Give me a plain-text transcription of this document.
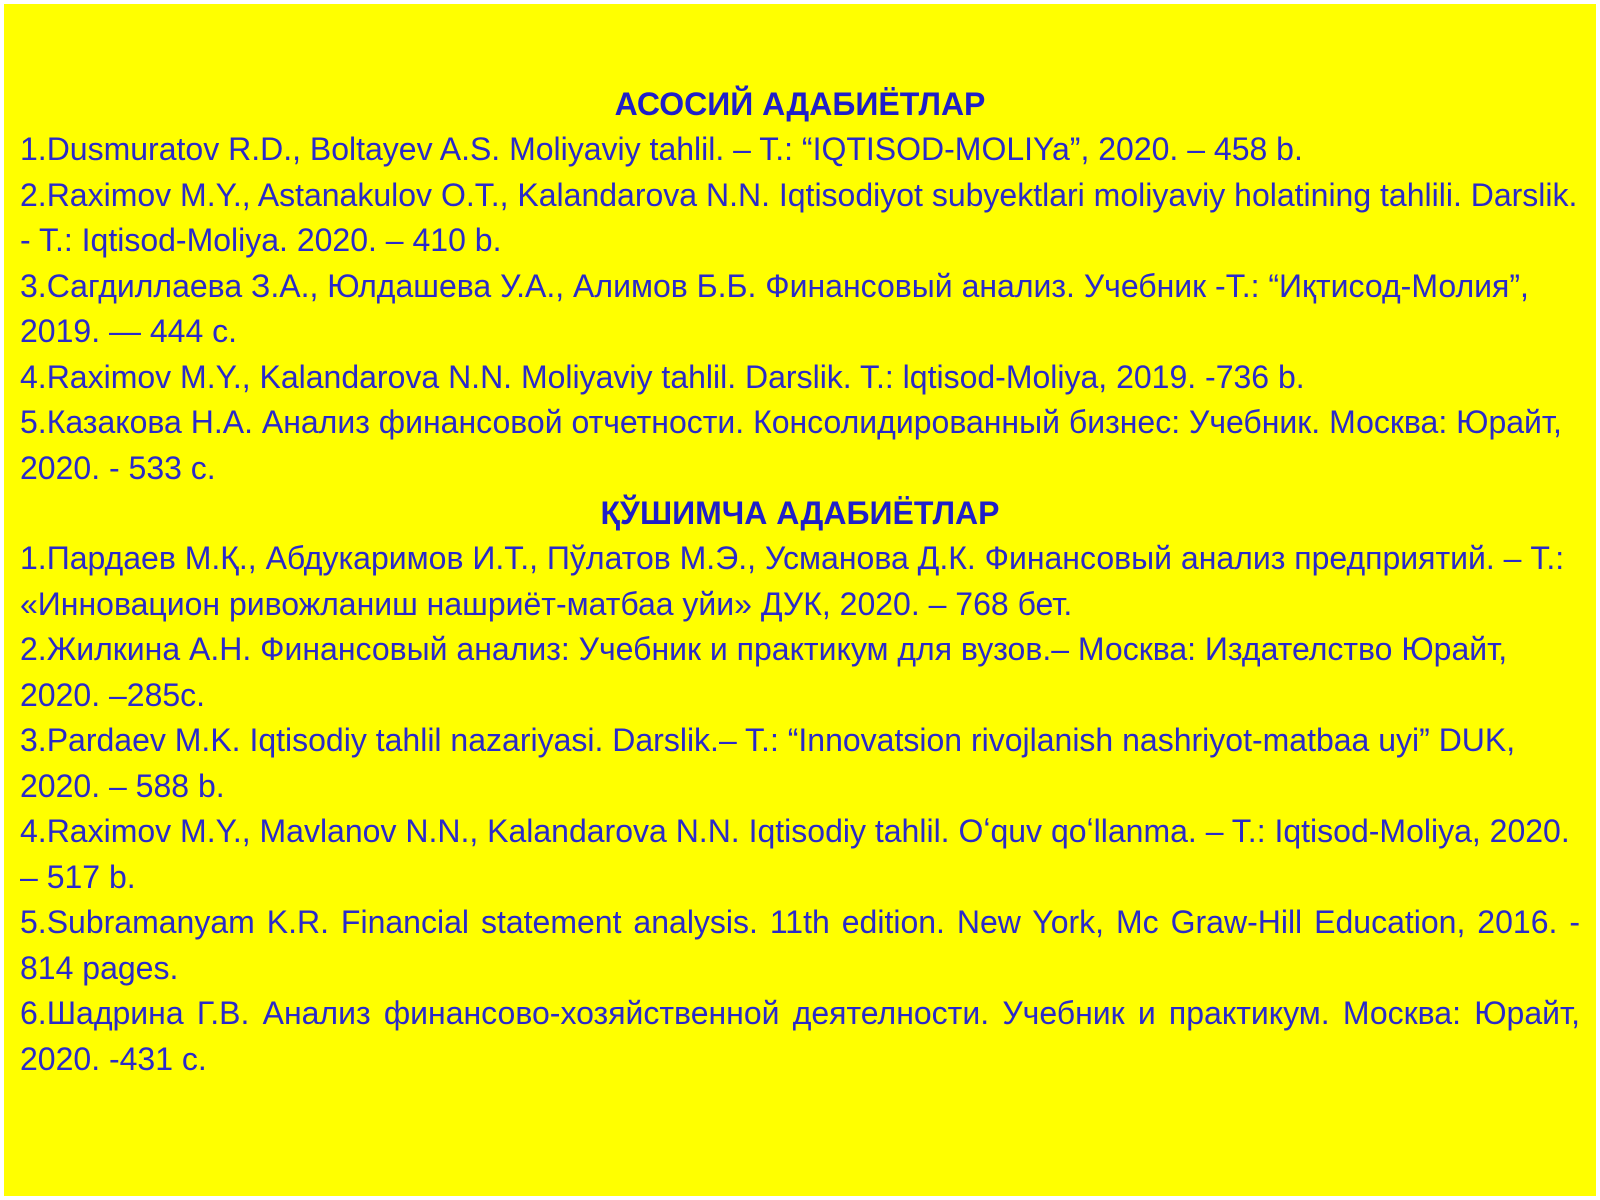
АСОСИЙ АДАБИЁТЛАР

1.Dusmuratov R.D., Boltayev A.S. Moliyaviy tahlil. – T.: “IQTISOD-MOLIYa”, 2020. – 458 b.

2.Raximov M.Y., Astanakulov O.T., Kalandarova N.N. Iqtisodiyot subyektlari moliyaviy holatining tahlili. Darslik. - T.: Iqtisod-Moliya. 2020. – 410 b.

3.Сагдиллаева З.А., Юлдашева У.А., Алимов Б.Б. Финансовый анализ. Учебник -Т.: “Иқтисод-Молия”, 2019. — 444 с.

4.Raximov M.Y., Kalandarova N.N. Moliyaviy tahlil. Darslik. T.: lqtisod-Moliya, 2019. -736 b.

5.Казакова Н.А. Анализ финансовой отчетности. Консолидированный бизнес: Учебник. Москва: Юрайт, 2020. - 533 с.

ҚЎШИМЧА АДАБИЁТЛАР

1.Пардаев М.Қ., Абдукаримов И.Т., Пўлатов М.Э., Усманова Д.К. Финансовый анализ предприятий. – Т.: «Инновацион ривожланиш нашриёт-матбаа уйи» ДУК, 2020. – 768 бет.

2.Жилкина А.Н. Финансовый анализ: Учебник и практикум для вузов.– Москва: Издателство Юрайт, 2020. –285с.

3.Pardaev M.K. Iqtisodiy tahlil nazariyasi. Darslik.– T.: “Innovatsion rivojlanish nashriyot-matbaa uyi” DUK, 2020. – 588 b.

4.Raximov M.Y., Mavlanov N.N., Kalandarova N.N. Iqtisodiy tahlil. Oʻquv qoʻllanma. – T.: Iqtisod-Moliya, 2020. – 517 b.

5.Subramanyam K.R. Financial statement analysis. 11th edition. New York, Mc Graw-Hill Education, 2016. - 814 pages.

6.Шадрина Г.В. Анализ финансово-хозяйственной деятелности. Учебник и практикум. Москва: Юрайт, 2020. -431 с.
